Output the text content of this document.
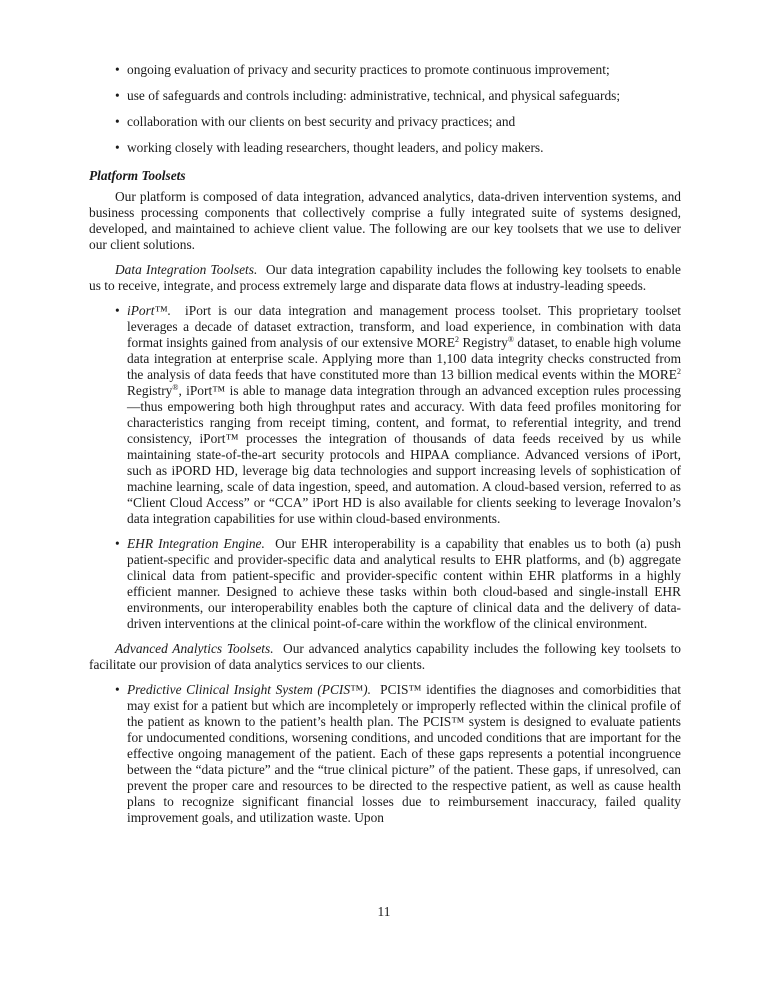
• ongoing evaluation of privacy and security practices to promote continuous improvement;
• use of safeguards and controls including: administrative, technical, and physical safeguards;
• collaboration with our clients on best security and privacy practices; and
• working closely with leading researchers, thought leaders, and policy makers.
Platform Toolsets

Our platform is composed of data integration, advanced analytics, data-driven intervention systems, and business processing components that collectively comprise a fully integrated suite of systems designed, developed, and maintained to achieve client value. The following are our key toolsets that we use to deliver our client solutions.

Data Integration Toolsets. Our data integration capability includes the following key toolsets to enable us to receive, integrate, and process extremely large and disparate data flows at industry-leading speeds.

• iPort™. iPort is our data integration and management process toolset. This proprietary toolset leverages a decade of dataset extraction, transform, and load experience, in combination with data format insights gained from analysis of our extensive MORE$^2$ Registry® dataset, to enable high volume data integration at enterprise scale. Applying more than 1,100 data integrity checks constructed from the analysis of data feeds that have constituted more than 13 billion medical events within the MORE$^2$ Registry®, iPort™ is able to manage data integration through an advanced exception rules processing—thus empowering both high throughput rates and accuracy. With data feed profiles monitoring for characteristics ranging from receipt timing, content, and format, to referential integrity, and trend consistency, iPort™ processes the integration of thousands of data feeds received by us while maintaining state-of-the-art security protocols and HIPAA compliance. Advanced versions of iPort, such as iPORD HD, leverage big data technologies and support increasing levels of sophistication of machine learning, scale of data ingestion, speed, and automation. A cloud-based version, referred to as “Client Cloud Access” or “CCA” iPort HD is also available for clients seeking to leverage Inovalon’s data integration capabilities for use within cloud-based environments.
• EHR Integration Engine. Our EHR interoperability is a capability that enables us to both (a) push patient-specific and provider-specific data and analytical results to EHR platforms, and (b) aggregate clinical data from patient-specific and provider-specific content within EHR platforms in a highly efficient manner. Designed to achieve these tasks within both cloud-based and single-install EHR environments, our interoperability enables both the capture of clinical data and the delivery of data-driven interventions at the clinical point-of-care within the workflow of the clinical environment.

Advanced Analytics Toolsets. Our advanced analytics capability includes the following key toolsets to facilitate our provision of data analytics services to our clients.

• Predictive Clinical Insight System (PCIS™). PCIS™ identifies the diagnoses and comorbidities that may exist for a patient but which are incompletely or improperly reflected within the clinical profile of the patient as known to the patient’s health plan. The PCIS™ system is designed to evaluate patients for undocumented conditions, worsening conditions, and uncoded conditions that are important for the effective ongoing management of the patient. Each of these gaps represents a potential incongruence between the “data picture” and the “true clinical picture” of the patient. These gaps, if unresolved, can prevent the proper care and resources to be directed to the respective patient, as well as cause health plans to recognize significant financial losses due to reimbursement inaccuracy, failed quality improvement goals, and utilization waste. Upon
11
